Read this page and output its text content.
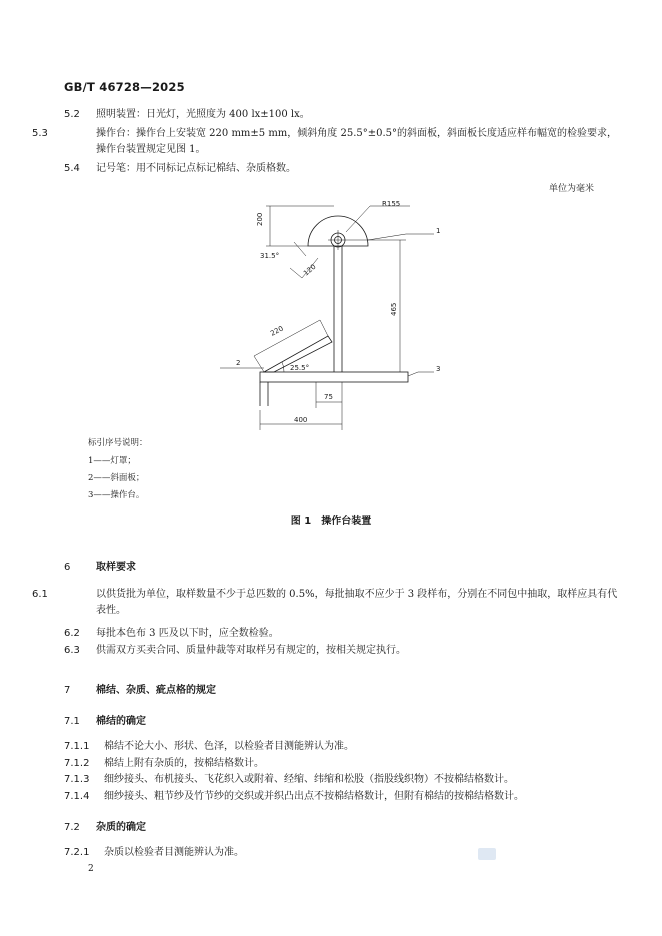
GB/T 46728—2025
5.2 照明装置：日光灯，光照度为 400 lx±100 lx。
5.3	操作台：操作台上安装宽 220 mm±5 mm，倾斜角度 25.5°±0.5°的斜面板，斜面板长度适应样布幅宽的检验要求，操作台装置规定见图 1。
5.4 记号笔：用不同标记点标记棉结、杂质格数。
单位为毫米
200
R155
31.5°
120
465
220
25.5°
75
400
1
2
3
标引序号说明：
1——灯罩；
2——斜面板；
3——操作台。
图 1　操作台装置
6	取样要求
6.1	以供货批为单位，取样数量不少于总匹数的 0.5%，每批抽取不应少于 3 段样布，分别在不同包中抽取，取样应具有代表性。
6.2 每批本色布 3 匹及以下时，应全数检验。
6.3 供需双方买卖合同、质量仲裁等对取样另有规定的，按相关规定执行。
7	棉结、杂质、疵点格的规定
7.1 棉结的确定
7.1.1 棉结不论大小、形状、色泽，以检验者目测能辨认为准。
7.1.2 棉结上附有杂质的，按棉结格数计。
7.1.3 细纱接头、布机接头、飞花织入或附着、经缩、纬缩和松股（指股线织物）不按棉结格数计。
7.1.4 细纱接头、粗节纱及竹节纱的交织或并织凸出点不按棉结格数计，但附有棉结的按棉结格数计。
7.2 杂质的确定
7.2.1 杂质以检验者目测能辨认为准。
2
